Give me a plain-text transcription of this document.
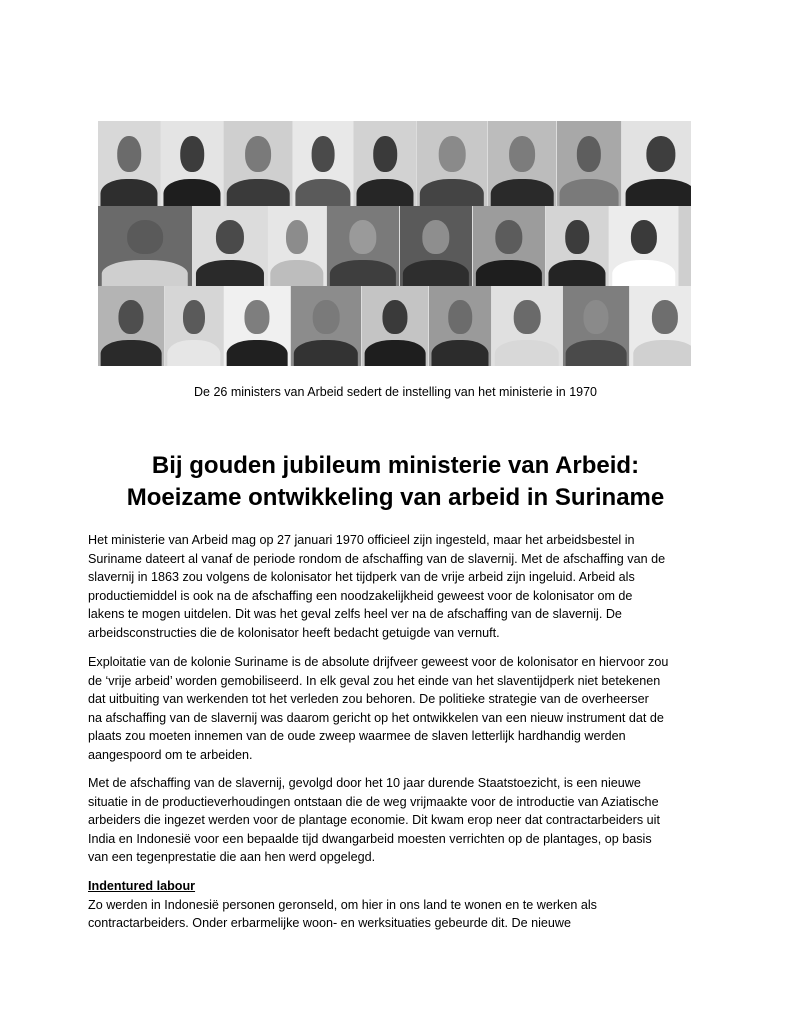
De 26 ministers van Arbeid sedert de instelling van het ministerie in 1970
Bij gouden jubileum ministerie van Arbeid:
Moeizame ontwikkeling van arbeid in Suriname

Het ministerie van Arbeid mag op 27 januari 1970 officieel zijn ingesteld, maar het arbeidsbestel in

Suriname dateert al vanaf de periode rondom de afschaffing van de slavernij. Met de afschaffing van de

slavernij in 1863 zou volgens de kolonisator het tijdperk van de vrije arbeid zijn ingeluid. Arbeid als

productiemiddel is ook na de afschaffing een noodzakelijkheid geweest voor de kolonisator om de

lakens te mogen uitdelen. Dit was het geval zelfs heel ver na de afschaffing van de slavernij. De

arbeidsconstructies die de kolonisator heeft bedacht getuigde van vernuft.

Exploitatie van de kolonie Suriname is de absolute drijfveer geweest voor de kolonisator en hiervoor zou

de ‘vrije arbeid’ worden gemobiliseerd. In elk geval zou het einde van het slaventijdperk niet betekenen

dat uitbuiting van werkenden tot het verleden zou behoren. De politieke strategie van de overheerser

na afschaffing van de slavernij was daarom gericht op het ontwikkelen van een nieuw instrument dat de

plaats zou moeten innemen van de oude zweep waarmee de slaven letterlijk hardhandig werden

aangespoord om te arbeiden.

Met de afschaffing van de slavernij, gevolgd door het 10 jaar durende Staatstoezicht, is een nieuwe

situatie in de productieverhoudingen ontstaan die de weg vrijmaakte voor de introductie van Aziatische

arbeiders die ingezet werden voor de plantage economie. Dit kwam erop neer dat contractarbeiders uit

India en Indonesië voor een bepaalde tijd dwangarbeid moesten verrichten op de plantages, op basis

van een tegenprestatie die aan hen werd opgelegd.

Indentured labour

Zo werden in Indonesië personen geronseld, om hier in ons land te wonen en te werken als

contractarbeiders. Onder erbarmelijke woon- en werksituaties gebeurde dit. De nieuwe
